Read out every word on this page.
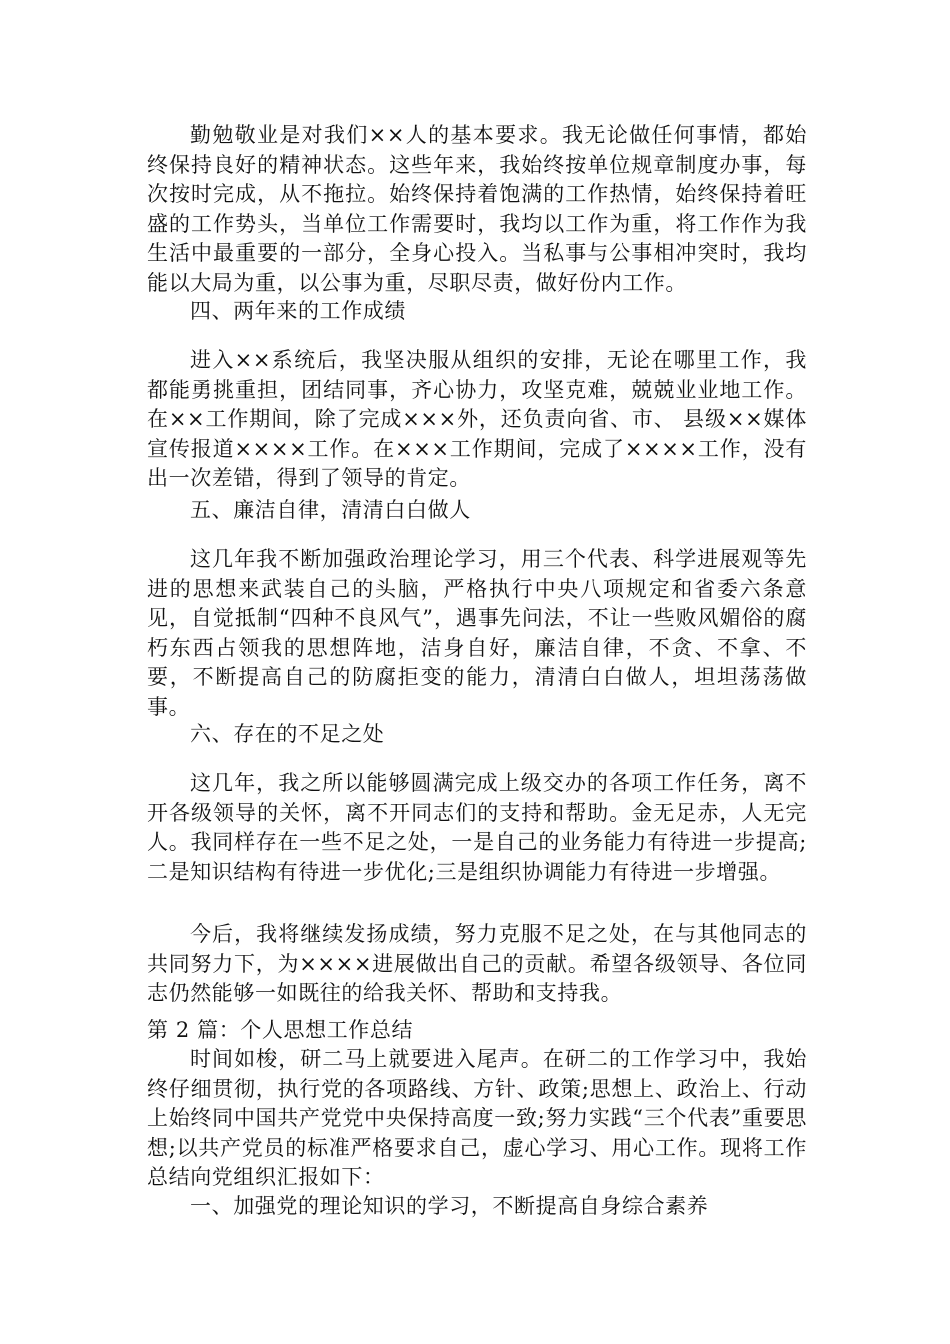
勤勉敬业是对我们××人的基本要求。我无论做任何事情，都始终保持良好的精神状态。这些年来，我始终按单位规章制度办事，每次按时完成，从不拖拉。始终保持着饱满的工作热情，始终保持着旺盛的工作势头，当单位工作需要时，我均以工作为重，将工作作为我生活中最重要的一部分，全身心投入。当私事与公事相冲突时，我均能以大局为重，以公事为重，尽职尽责，做好份内工作。

四、两年来的工作成绩

进入××系统后，我坚决服从组织的安排，无论在哪里工作，我都能勇挑重担，团结同事，齐心协力，攻坚克难，兢兢业业地工作。在××工作期间，除了完成×××外，还负责向省、市、 县级××媒体宣传报道××××工作。在×××工作期间，完成了××××工作，没有出一次差错，得到了领导的肯定。

五、廉洁自律，清清白白做人

这几年我不断加强政治理论学习，用三个代表、科学进展观等先进的思想来武装自己的头脑，严格执行中央八项规定和省委六条意见，自觉抵制“四种不良风气”，遇事先问法，不让一些败风媚俗的腐朽东西占领我的思想阵地，洁身自好，廉洁自律，不贪、不拿、不要，不断提高自己的防腐拒变的能力，清清白白做人，坦坦荡荡做事。

六、存在的不足之处

这几年，我之所以能够圆满完成上级交办的各项工作任务，离不开各级领导的关怀，离不开同志们的支持和帮助。金无足赤，人无完人。我同样存在一些不足之处，一是自己的业务能力有待进一步提高;二是知识结构有待进一步优化;三是组织协调能力有待进一步增强。

今后，我将继续发扬成绩，努力克服不足之处，在与其他同志的共同努力下，为××××进展做出自己的贡献。希望各级领导、各位同志仍然能够一如既往的给我关怀、帮助和支持我。

第 2 篇：个人思想工作总结

时间如梭，研二马上就要进入尾声。在研二的工作学习中，我始终仔细贯彻，执行党的各项路线、方针、政策;思想上、政治上、行动上始终同中国共产党党中央保持高度一致;努力实践“三个代表”重要思想;以共产党员的标准严格要求自己，虚心学习、用心工作。现将工作总结向党组织汇报如下：

一、加强党的理论知识的学习，不断提高自身综合素养
